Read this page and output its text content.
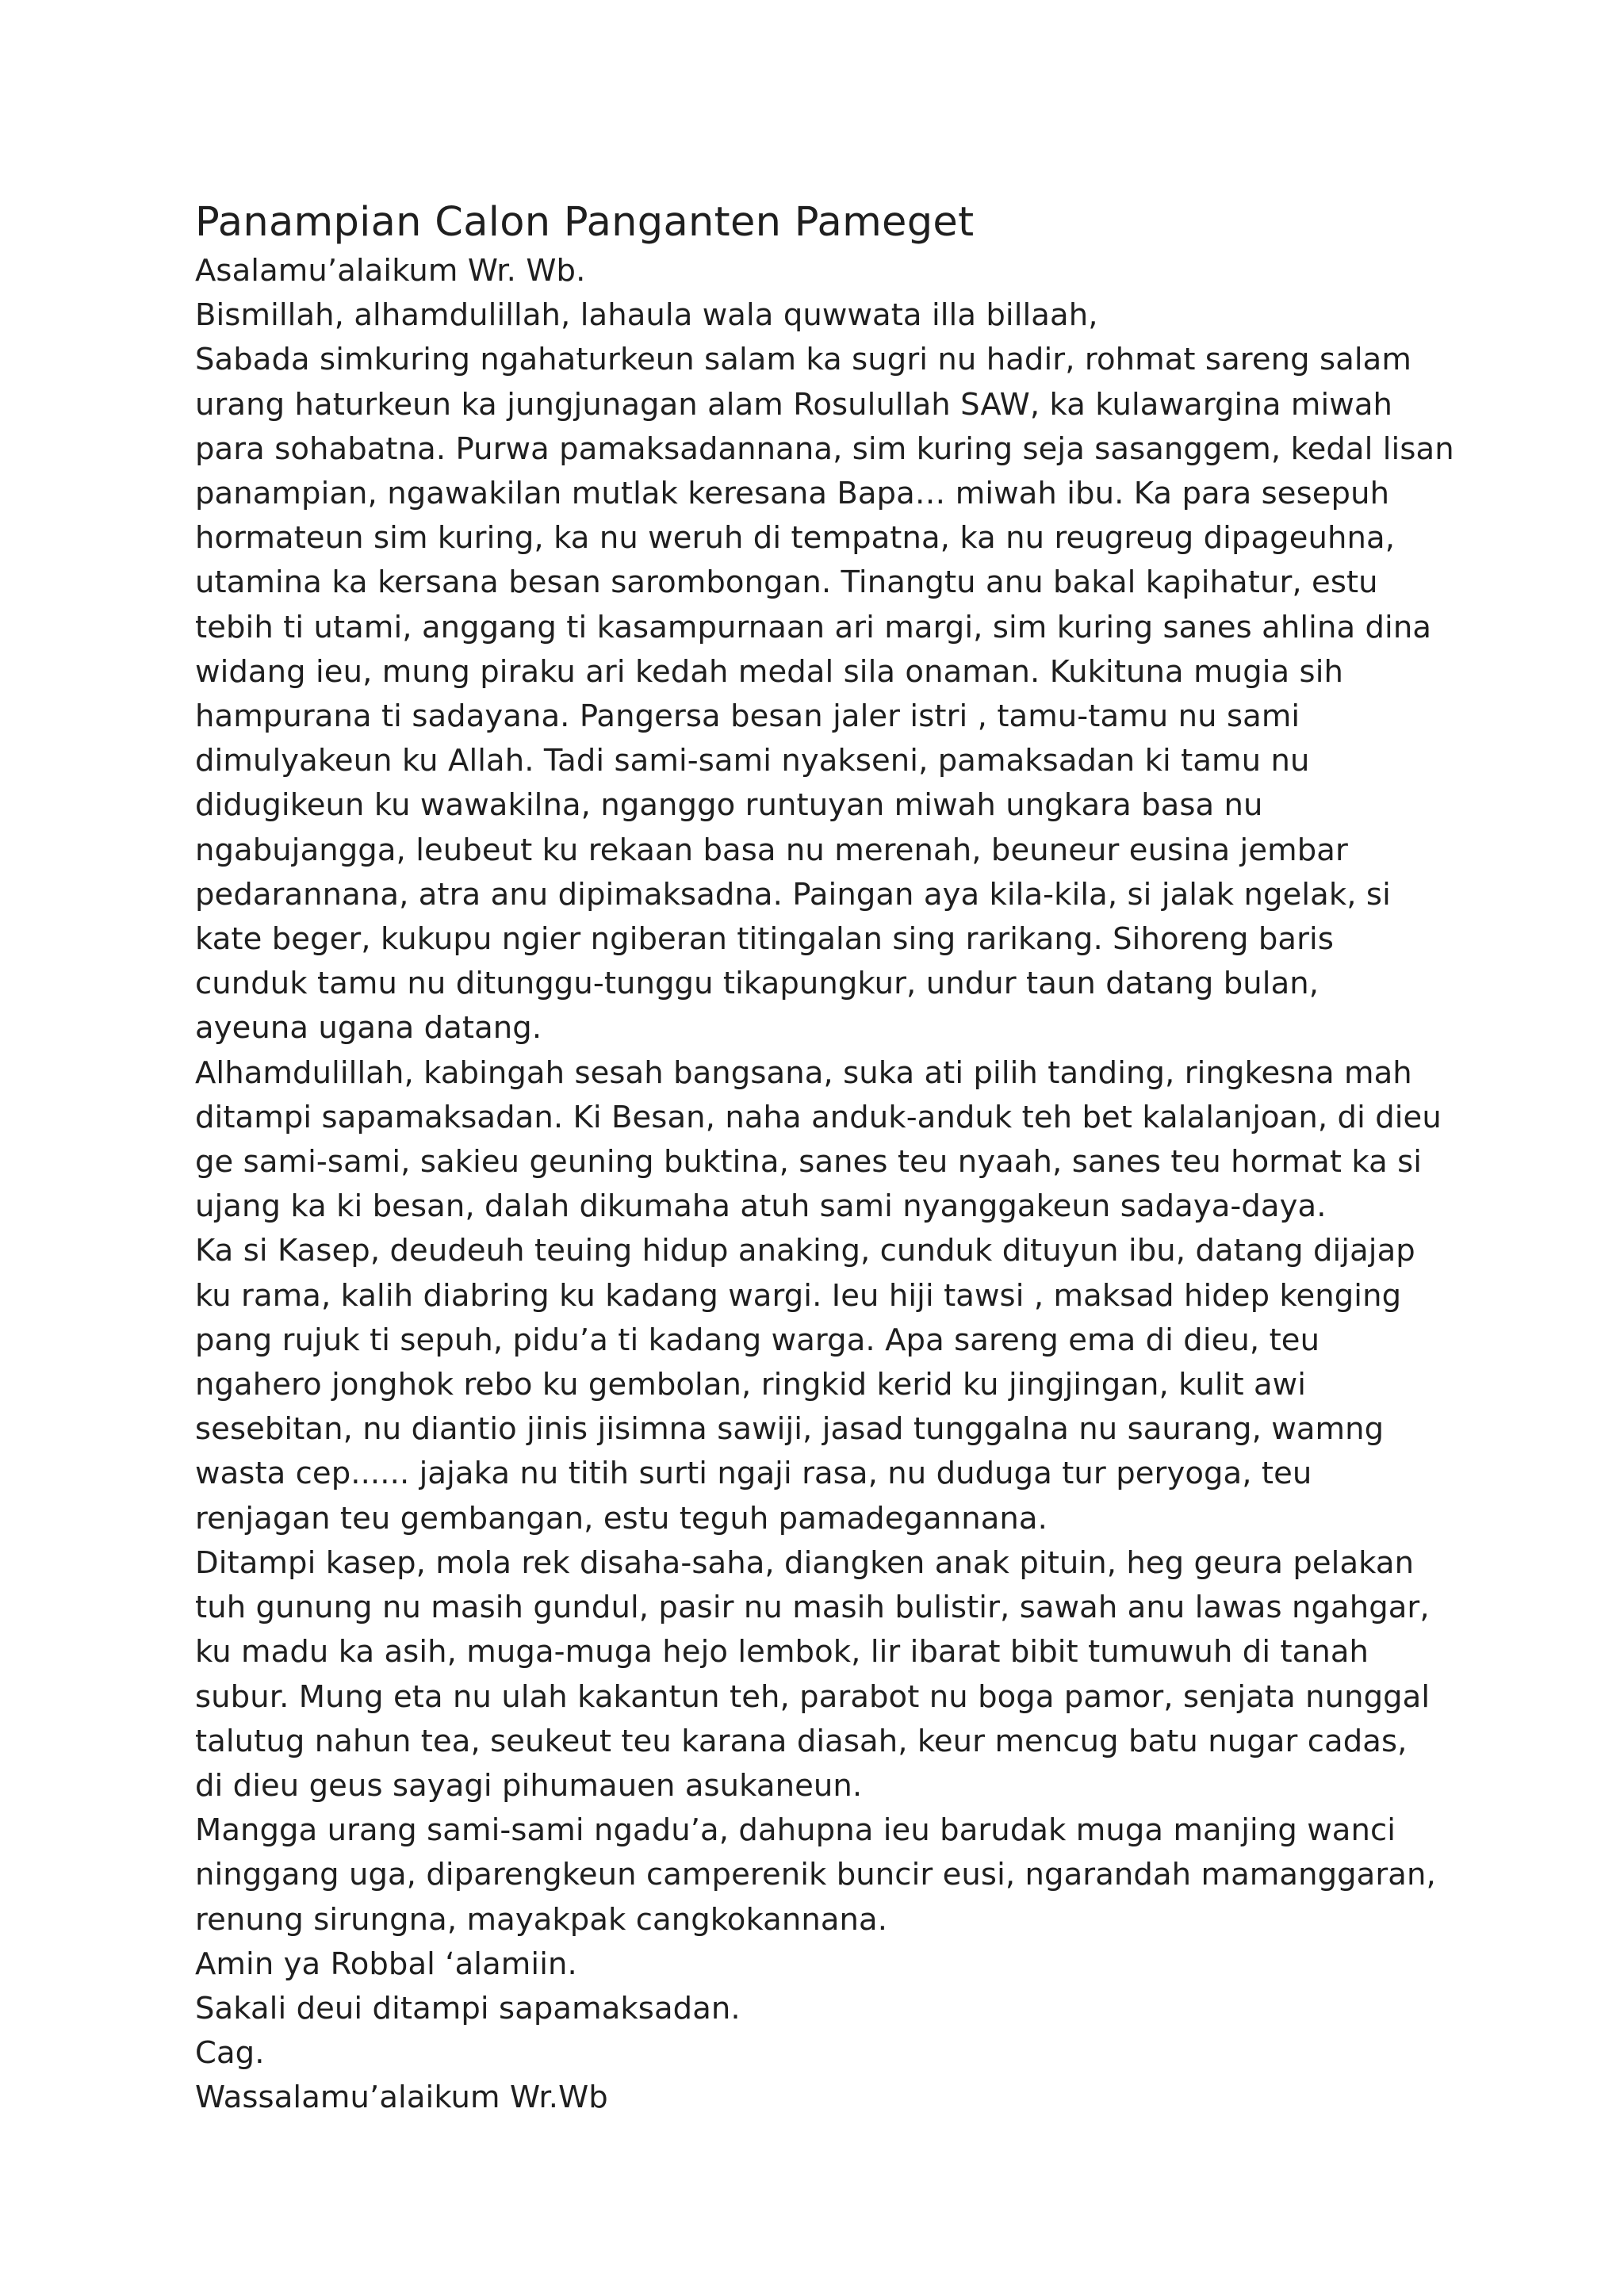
Panampian Calon Panganten Pameget

Asalamu’alaikum Wr. Wb.

Bismillah, alhamdulillah, lahaula wala quwwata illa billaah,

Sabada simkuring ngahaturkeun salam ka sugri nu hadir, rohmat sareng salam

urang haturkeun ka jungjunagan alam Rosulullah SAW, ka kulawargina miwah

para sohabatna. Purwa pamaksadannana, sim kuring seja sasanggem, kedal lisan

panampian, ngawakilan mutlak keresana Bapa… miwah ibu. Ka para sesepuh

hormateun sim kuring, ka nu weruh di tempatna, ka nu reugreug dipageuhna,

utamina ka kersana besan sarombongan. Tinangtu anu bakal kapihatur, estu

tebih ti utami, anggang ti kasampurnaan ari margi, sim kuring sanes ahlina dina

widang ieu, mung piraku ari kedah medal sila onaman. Kukituna mugia sih

hampurana ti sadayana. Pangersa besan jaler istri , tamu-tamu nu sami

dimulyakeun ku Allah. Tadi sami-sami nyakseni, pamaksadan ki tamu nu

didugikeun ku wawakilna, nganggo runtuyan miwah ungkara basa nu

ngabujangga, leubeut ku rekaan basa nu merenah, beuneur eusina jembar

pedarannana, atra anu dipimaksadna. Paingan aya kila-kila, si jalak ngelak, si

kate beger, kukupu ngier ngiberan titingalan sing rarikang. Sihoreng baris

cunduk tamu nu ditunggu-tunggu tikapungkur, undur taun datang bulan,

ayeuna ugana datang.

Alhamdulillah, kabingah sesah bangsana, suka ati pilih tanding, ringkesna mah

ditampi sapamaksadan. Ki Besan, naha anduk-anduk teh bet kalalanjoan, di dieu

ge sami-sami, sakieu geuning buktina, sanes teu nyaah, sanes teu hormat ka si

ujang ka ki besan, dalah dikumaha atuh sami nyanggakeun sadaya-daya.

Ka si Kasep, deudeuh teuing hidup anaking, cunduk dituyun ibu, datang dijajap

ku rama, kalih diabring ku kadang wargi. Ieu hiji tawsi , maksad hidep kenging

pang rujuk ti sepuh, pidu’a ti kadang warga. Apa sareng ema di dieu, teu

ngahero jonghok rebo ku gembolan, ringkid kerid ku jingjingan, kulit awi

sesebitan, nu diantio jinis jisimna sawiji, jasad tunggalna nu saurang, wamng

wasta cep...... jajaka nu titih surti ngaji rasa, nu duduga tur peryoga, teu

renjagan teu gembangan, estu teguh pamadegannana.

Ditampi kasep, mola rek disaha-saha, diangken anak pituin, heg geura pelakan

tuh gunung nu masih gundul, pasir nu masih bulistir, sawah anu lawas ngahgar,

ku madu ka asih, muga-muga hejo lembok, lir ibarat bibit tumuwuh di tanah

subur. Mung eta nu ulah kakantun teh, parabot nu boga pamor, senjata nunggal

talutug nahun tea, seukeut teu karana diasah, keur mencug batu nugar cadas,

di dieu geus sayagi pihumauen asukaneun.

Mangga urang sami-sami ngadu’a, dahupna ieu barudak muga manjing wanci

ninggang uga, diparengkeun camperenik buncir eusi, ngarandah mamanggaran,

renung sirungna, mayakpak cangkokannana.

Amin ya Robbal ‘alamiin.

Sakali deui ditampi sapamaksadan.

Cag.

Wassalamu’alaikum Wr.Wb
